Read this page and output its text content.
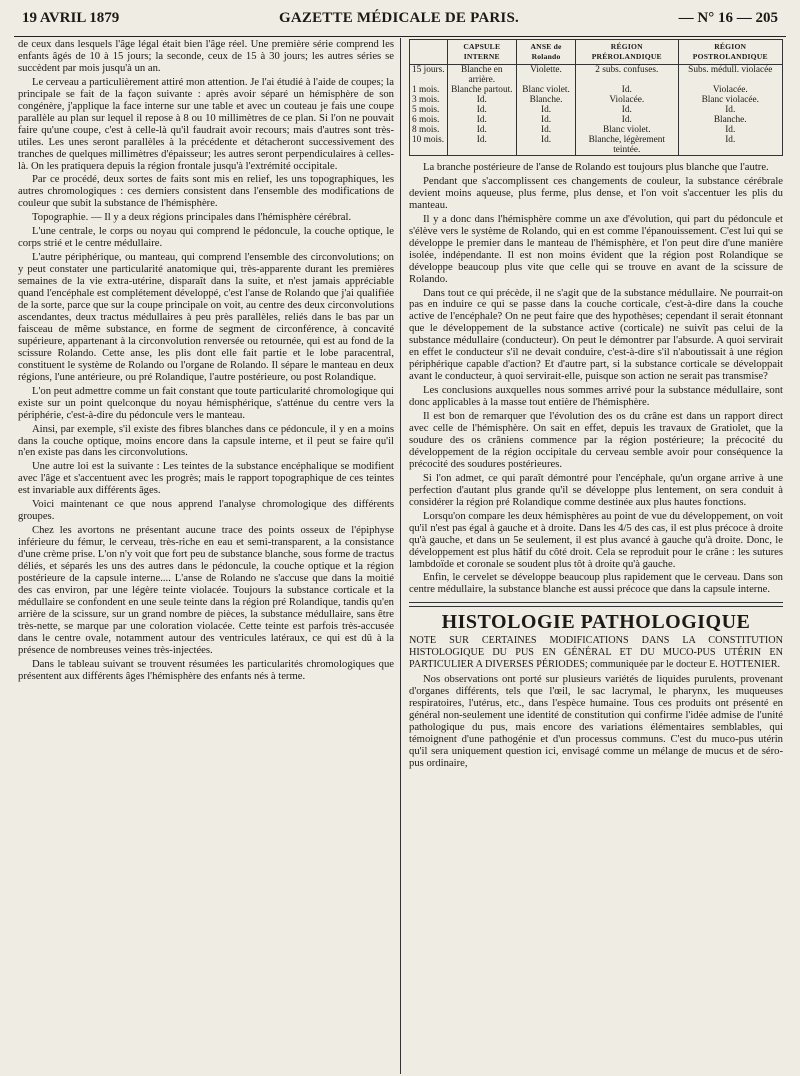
19 AVRIL 1879	GAZETTE MÉDICALE DE PARIS.	— N° 16 — 205

de ceux dans lesquels l'âge légal était bien l'âge réel. Une première série comprend les enfants âgés de 10 à 15 jours; la seconde, ceux de 15 à 30 jours; les autres séries se succèdent par mois jusqu'à un an.

Le cerveau a particulièrement attiré mon attention. Je l'ai étudié à l'aide de coupes; la principale se fait de la façon suivante : après avoir séparé un hémisphère de son congénère, j'applique la face interne sur une table et avec un couteau je fais une coupe parallèle au plan sur lequel il repose à 8 ou 10 millimètres de ce plan. Si l'on ne pouvait faire qu'une coupe, c'est à celle-là qu'il faudrait avoir recours; mais d'autres sont très-utiles. Les unes seront parallèles à la précédente et détacheront successivement des tranches de quelques millimètres d'épaisseur; les autres seront perpendiculaires à celles-là. On les pratiquera depuis la région frontale jusqu'à l'extrémité occipitale.

Par ce procédé, deux sortes de faits sont mis en relief, les uns topographiques, les autres chromologiques : ces derniers consistent dans l'ensemble des modifications de couleur que subit la substance de l'hémisphère.

Topographie. — Il y a deux régions principales dans l'hémisphère cérébral.

L'une centrale, le corps ou noyau qui comprend le pédoncule, la couche optique, le corps strié et le centre médullaire.

L'autre périphérique, ou manteau, qui comprend l'ensemble des circonvolutions; on y peut constater une particularité anatomique qui, très-apparente durant les premières semaines de la vie extra-utérine, disparaît dans la suite, et n'est jamais appréciable quand l'encéphale est complétement développé, c'est l'anse de Rolando que j'ai qualifiée de la sorte, parce que sur la coupe principale on voit, au centre des deux circonvolutions ascendantes, deux tractus médullaires à peu près parallèles, reliés dans le bas par un faisceau de même substance, en forme de segment de circonférence, à concavité supérieure, appartenant à la circonvolution renversée ou retournée, qui est au fond de la scissure Rolando. Cette anse, les plis dont elle fait partie et le lobe paracentral, constituent le système de Rolando ou l'organe de Rolando. Il sépare le manteau en deux régions, l'une antérieure, ou pré Rolandique, l'autre postérieure, ou post Rolandique.

L'on peut admettre comme un fait constant que toute particularité chromologique qui existe sur un point quelconque du noyau hémisphérique, s'atténue du centre vers la périphérie, c'est-à-dire du pédoncule vers le manteau.

Ainsi, par exemple, s'il existe des fibres blanches dans ce pédoncule, il y en a moins dans la couche optique, moins encore dans la capsule interne, et il peut se faire qu'il n'en existe pas dans les circonvolutions.

Une autre loi est la suivante : Les teintes de la substance encéphalique se modifient avec l'âge et s'accentuent avec les progrès; mais le rapport topographique de ces teintes est invariable aux différents âges.

Voici maintenant ce que nous apprend l'analyse chromologique des différents groupes.

Chez les avortons ne présentant aucune trace des points osseux de l'épiphyse inférieure du fémur, le cerveau, très-riche en eau et semi-transparent, a la consistance d'une crème prise. L'on n'y voit que fort peu de substance blanche, sous forme de tractus déliés, et séparés les uns des autres dans le pédoncule, la couche optique et la région postérieure de la capsule interne.... L'anse de Rolando ne s'accuse que dans la moitié des cas environ, par une légère teinte violacée. Toujours la substance corticale et la médullaire se confondent en une seule teinte dans la région pré Rolandique, tandis qu'en arrière de la scissure, sur un grand nombre de pièces, la substance médullaire, sans être très-nette, se marque par une coloration violacée. Cette teinte est parfois très-accusée dans le centre ovale, notamment autour des ventricules latéraux, ce qui est dû à la présence de nombreuses veines très-injectées.

Dans le tableau suivant se trouvent résumées les particularités chromologiques que présentent aux différents âges l'hémisphère des enfants nés à terme.

	CAPSULE INTERNE	ANSE de Rolando	RÉGION PRÉROLANDIQUE	RÉGION POSTROLANDIQUE
15 jours.	Blanche en arrière.	Violette.	2 subs. confuses.	Subs. médull. violacée
1 mois.	Blanche partout.	Blanc violet.	Id.	Violacée.
3 mois.	Id.	Blanche.	Violacée.	Blanc violacée.
5 mois.	Id.	Id.	Id.	Id.
6 mois.	Id.	Id.	Id.	Blanche.
8 mois.	Id.	Id.	Blanc violet.	Id.
10 mois.	Id.	Id.	Blanche, légèrement teintée.	Id.

La branche postérieure de l'anse de Rolando est toujours plus blanche que l'autre.

Pendant que s'accomplissent ces changements de couleur, la substance cérébrale devient moins aqueuse, plus ferme, plus dense, et l'on voit s'accentuer les plis du manteau.

Il y a donc dans l'hémisphère comme un axe d'évolution, qui part du pédoncule et s'élève vers le système de Rolando, qui en est comme l'épanouissement. C'est lui qui se développe le premier dans le manteau de l'hémisphère, et l'on peut dire d'une manière isolée, indépendante. Il est non moins évident que la région post Rolandique se développe beaucoup plus vite que celle qui se trouve en avant de la scissure de Rolando.

Dans tout ce qui précède, il ne s'agit que de la substance médullaire. Ne pourrait-on pas en induire ce qui se passe dans la couche corticale, c'est-à-dire dans la couche active de l'encéphale? On ne peut faire que des hypothèses; cependant il serait étonnant que le développement de la substance active (corticale) ne suivît pas celui de la substance médullaire (conducteur). On peut le démontrer par l'absurde. A quoi servirait en effet le conducteur s'il ne devait conduire, c'est-à-dire s'il n'aboutissait à une région périphérique capable d'action? Et d'autre part, si la substance corticale se développait avant le conducteur, à quoi servirait-elle, puisque son action ne serait pas transmise?

Les conclusions auxquelles nous sommes arrivé pour la substance médullaire, sont donc applicables à la masse tout entière de l'hémisphère.

Il est bon de remarquer que l'évolution des os du crâne est dans un rapport direct avec celle de l'hémisphère. On sait en effet, depuis les travaux de Gratiolet, que la soudure des os crâniens commence par la région postérieure; la précocité du développement de la région occipitale du cerveau semble avoir pour conséquence la précocité des soudures postérieures.

Si l'on admet, ce qui paraît démontré pour l'encéphale, qu'un organe arrive à une perfection d'autant plus grande qu'il se développe plus lentement, on sera conduit à considérer la région pré Rolandique comme destinée aux plus hautes fonctions.

Lorsqu'on compare les deux hémisphères au point de vue du développement, on voit qu'il n'est pas égal à gauche et à droite. Dans les 4/5 des cas, il est plus précoce à droite qu'à gauche, et dans un 5e seulement, il est plus avancé à gauche qu'à droite. Donc, le développement est plus hâtif du côté droit. Cela se reproduit pour le crâne : les sutures lambdoïde et coronale se soudent plus tôt à droite qu'à gauche.

Enfin, le cervelet se développe beaucoup plus rapidement que le cerveau. Dans son centre médullaire, la substance blanche est aussi précoce que dans la capsule interne.

HISTOLOGIE PATHOLOGIQUE
NOTE SUR CERTAINES MODIFICATIONS DANS LA CONSTITUTION HISTOLOGIQUE DU PUS EN GÉNÉRAL ET DU MUCO-PUS UTÉRIN EN PARTICULIER A DIVERSES PÉRIODES; communiquée par le docteur E. HOTTENIER.

Nos observations ont porté sur plusieurs variétés de liquides purulents, provenant d'organes différents, tels que l'œil, le sac lacrymal, le pharynx, les muqueuses respiratoires, l'utérus, etc., dans l'espèce humaine. Tous ces produits ont présenté en général non-seulement une identité de constitution qui confirme l'idée admise de l'unité pathologique du pus, mais encore des variations élémentaires semblables, qui témoignent d'une pathogénie et d'un processus communs. C'est du muco-pus utérin qu'il sera uniquement question ici, envisagé comme un mélange de mucus et de séro-pus ordinaire,
